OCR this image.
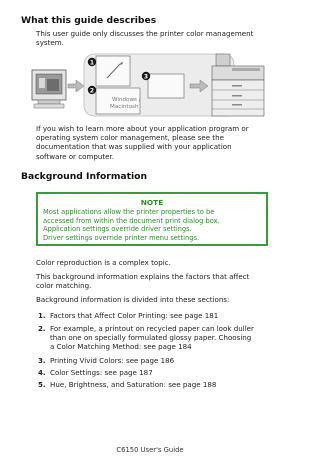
What this guide describes
This user guide only discusses the printer color management
system.
Windows /
Macintosh
1
2
3
If you wish to learn more about your application program or
operating system color management, please see the
documentation that was supplied with your application
software or computer.
Background Information
NOTE
Most applications allow the printer properties to be
accessed from within the document print dialog box.
Application settings override driver settings.
Driver settings override printer menu settings.
Color reproduction is a complex topic.
This background information explains the factors that affect
color matching.
Background information is divided into these sections:
1. Factors that Affect Color Printing: see page 181
2. For example, a printout on recycled paper can look duller
than one on specially formulated glossy paper. Choosing
a Color Matching Method: see page 184
3. Printing Vivid Colors: see page 186
4. Color Settings: see page 187
5. Hue, Brightness, and Saturation: see page 188
C6150 User's Guide
